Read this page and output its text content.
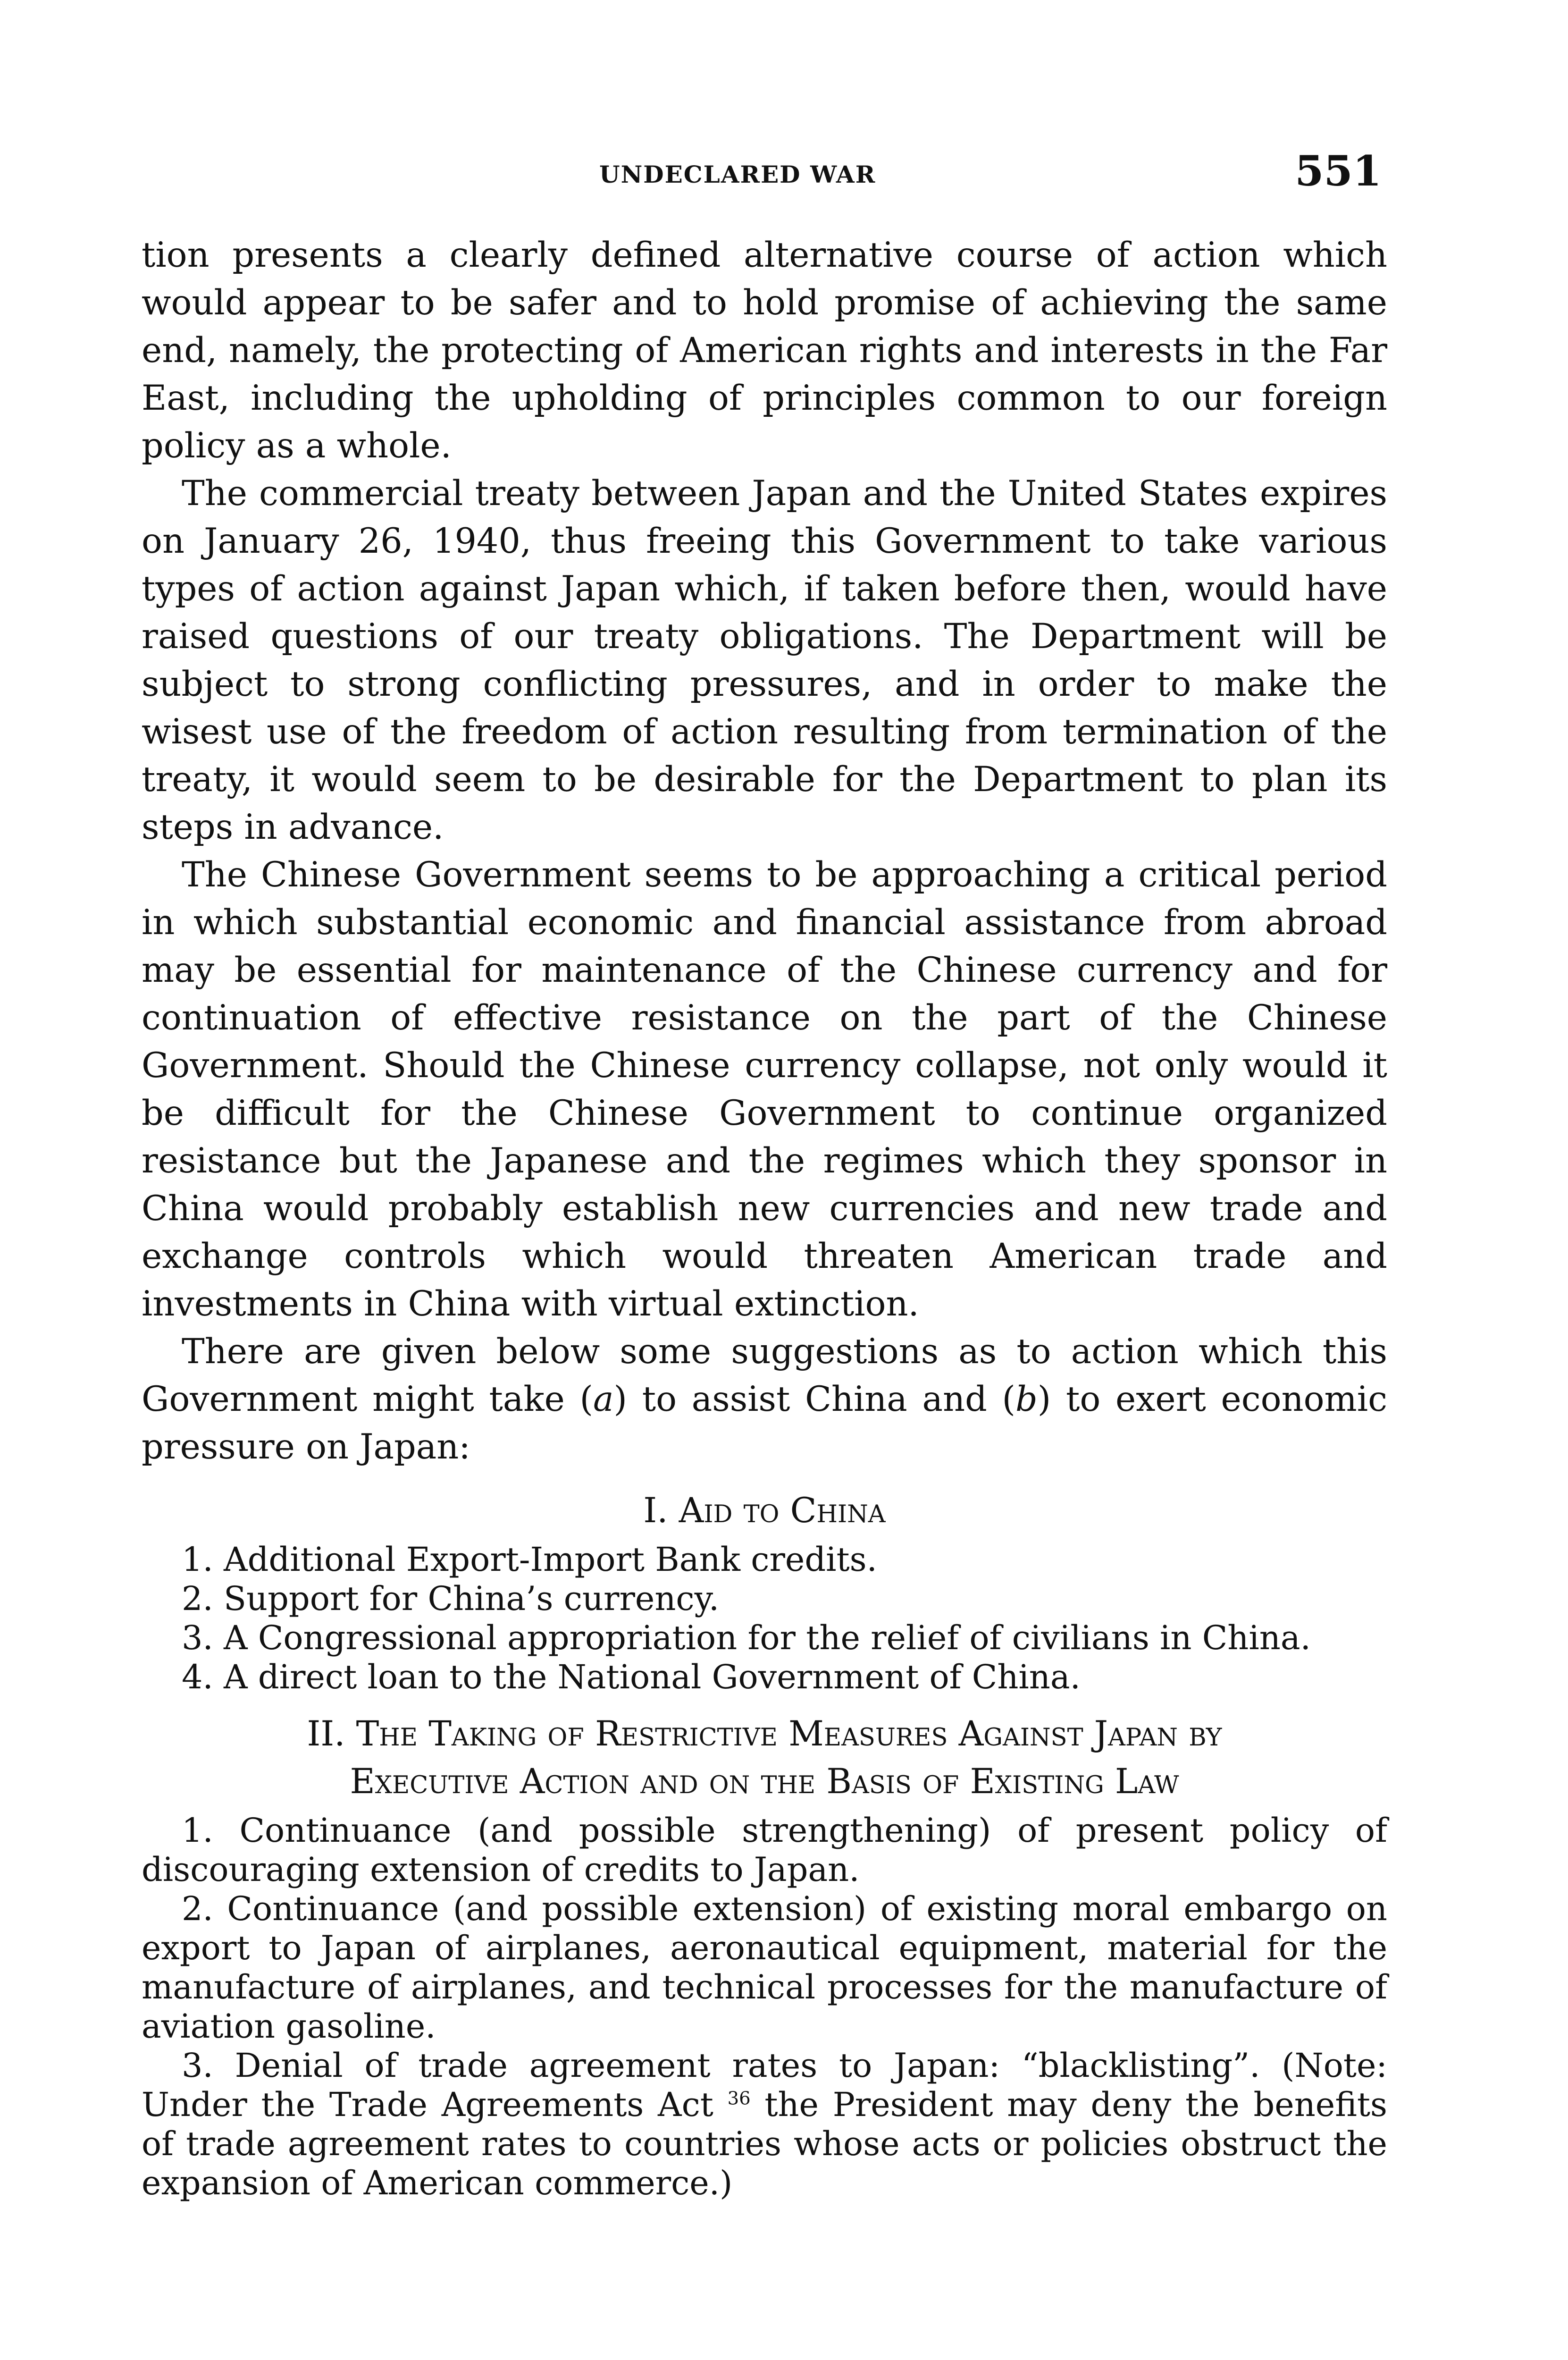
UNDECLARED WAR	551

tion presents a clearly defined alternative course of action which would appear to be safer and to hold promise of achieving the same end, namely, the protecting of American rights and interests in the Far East, including the upholding of principles common to our foreign policy as a whole.

The commercial treaty between Japan and the United States expires on January 26, 1940, thus freeing this Government to take various types of action against Japan which, if taken before then, would have raised questions of our treaty obligations. The Department will be subject to strong conflicting pressures, and in order to make the wisest use of the freedom of action resulting from termination of the treaty, it would seem to be desirable for the Department to plan its steps in advance.

The Chinese Government seems to be approaching a critical period in which substantial economic and financial assistance from abroad may be essential for maintenance of the Chinese currency and for continuation of effective resistance on the part of the Chinese Government. Should the Chinese currency collapse, not only would it be difficult for the Chinese Government to continue organized resistance but the Japanese and the regimes which they sponsor in China would probably establish new currencies and new trade and exchange controls which would threaten American trade and investments in China with virtual extinction.

There are given below some suggestions as to action which this Government might take (a) to assist China and (b) to exert economic pressure on Japan:

I. Aid to China
1. Additional Export-Import Bank credits.
2. Support for China’s currency.
3. A Congressional appropriation for the relief of civilians in China.
4. A direct loan to the National Government of China.
II. The Taking of Restrictive Measures Against Japan by
Executive Action and on the Basis of Existing Law

1. Continuance (and possible strengthening) of present policy of discouraging extension of credits to Japan.

2. Continuance (and possible extension) of existing moral embargo on export to Japan of airplanes, aeronautical equipment, material for the manufacture of airplanes, and technical processes for the manufacture of aviation gasoline.

3. Denial of trade agreement rates to Japan: “blacklisting”. (Note: Under the Trade Agreements Act $^{36}$ the President may deny the benefits of trade agreement rates to countries whose acts or policies obstruct the expansion of American commerce.)
